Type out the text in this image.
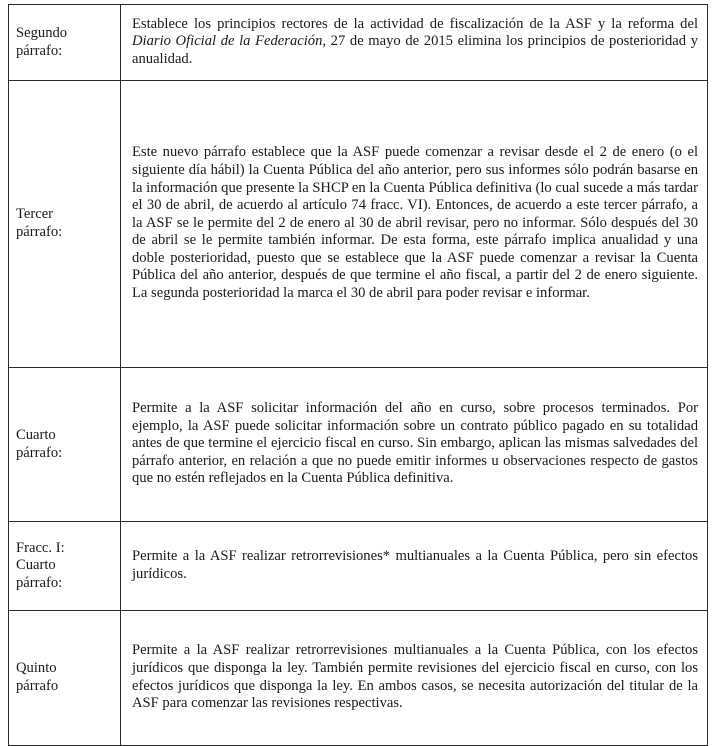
Segundo
párrafo:	Establece los principios rectores de la actividad de fiscalización de la ASF y la reforma del Diario Oficial de la Federación, 27 de mayo de 2015 elimina los principios de posterioridad y anualidad.
Tercer
párrafo:	Este nuevo párrafo establece que la ASF puede comenzar a revisar desde el 2 de enero (o el siguiente día hábil) la Cuenta Pública del año anterior, pero sus informes sólo podrán basarse en la información que presente la SHCP en la Cuenta Pública definitiva (lo cual sucede a más tardar el 30 de abril, de acuerdo al artículo 74 fracc. VI). Entonces, de acuerdo a este tercer párrafo, a la ASF se le permite del 2 de enero al 30 de abril revisar, pero no informar. Sólo después del 30 de abril se le permite también informar. De esta forma, este párrafo implica anualidad y una doble posterioridad, puesto que se establece que la ASF puede comenzar a revisar la Cuenta Pública del año anterior, después de que termine el año fiscal, a partir del 2 de enero siguiente. La segunda posterioridad la marca el 30 de abril para poder revisar e informar.
Cuarto
párrafo:	Permite a la ASF solicitar información del año en curso, sobre procesos terminados. Por ejemplo, la ASF puede solicitar información sobre un contrato público pagado en su totalidad antes de que termine el ejercicio fiscal en curso. Sin embargo, aplican las mismas salvedades del párrafo anterior, en relación a que no puede emitir informes u observaciones respecto de gastos que no estén reflejados en la Cuenta Pública definitiva.
Fracc. I:
Cuarto
párrafo:	Permite a la ASF realizar retrorrevisiones* multianuales a la Cuenta Pública, pero sin efectos jurídicos.
Quinto
párrafo	Permite a la ASF realizar retrorrevisiones multianuales a la Cuenta Pública, con los efectos jurídicos que disponga la ley. También permite revisiones del ejercicio fiscal en curso, con los efectos jurídicos que disponga la ley. En ambos casos, se necesita autorización del titular de la ASF para comenzar las revisiones respectivas.
